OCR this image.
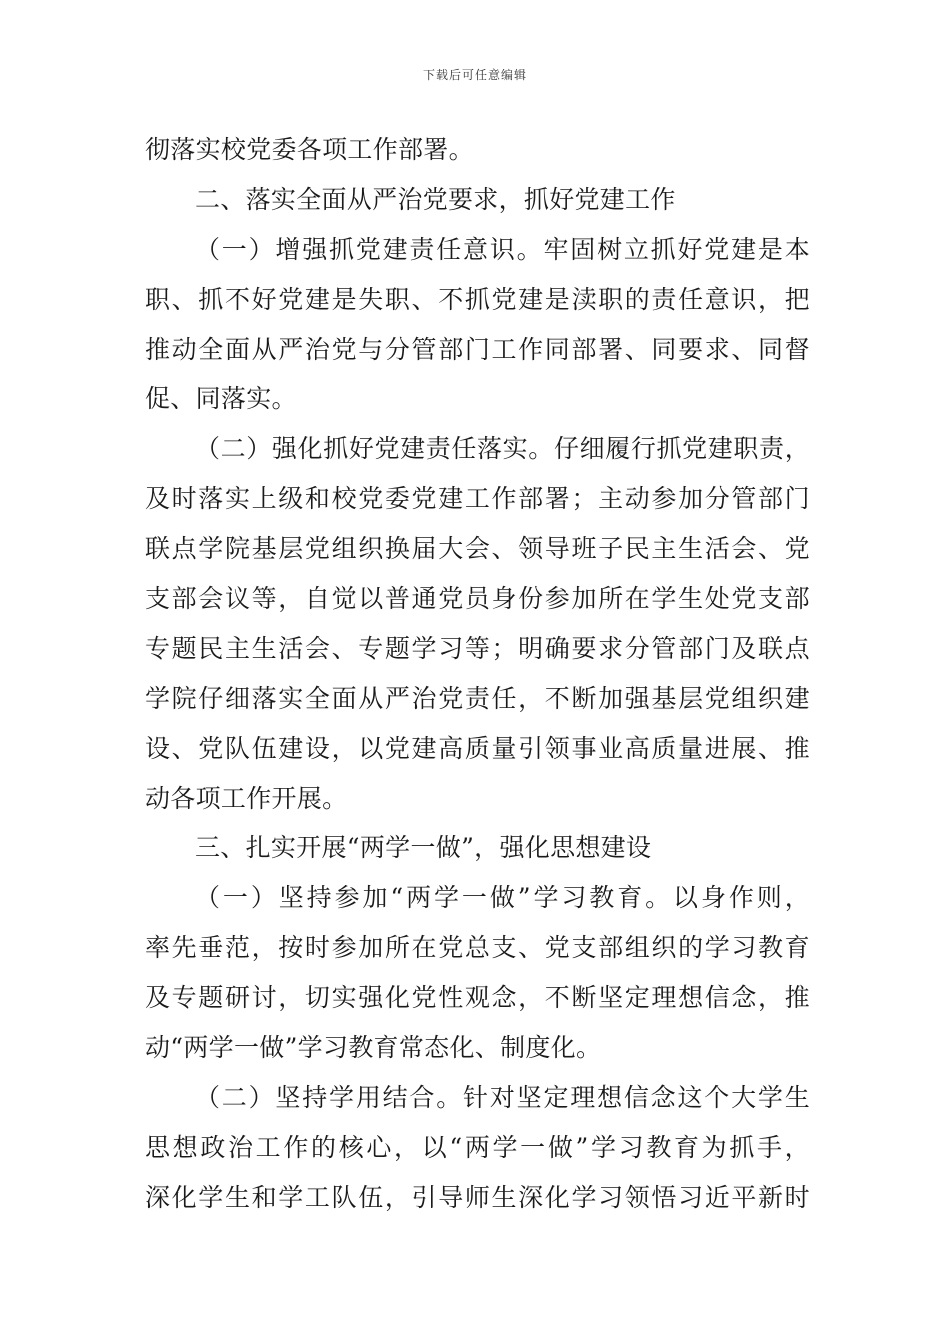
下载后可任意编辑
彻落实校党委各项工作部署。
二、落实全面从严治党要求，抓好党建工作
（一）增强抓党建责任意识。牢固树立抓好党建是本
职、抓不好党建是失职、不抓党建是渎职的责任意识，把
推动全面从严治党与分管部门工作同部署、同要求、同督
促、同落实。
（二）强化抓好党建责任落实。仔细履行抓党建职责，
及时落实上级和校党委党建工作部署；主动参加分管部门
联点学院基层党组织换届大会、领导班子民主生活会、党
支部会议等，自觉以普通党员身份参加所在学生处党支部
专题民主生活会、专题学习等；明确要求分管部门及联点
学院仔细落实全面从严治党责任，不断加强基层党组织建
设、党队伍建设，以党建高质量引领事业高质量进展、推
动各项工作开展。
三、扎实开展“两学一做”，强化思想建设
（一）坚持参加“两学一做”学习教育。以身作则，
率先垂范，按时参加所在党总支、党支部组织的学习教育
及专题研讨，切实强化党性观念，不断坚定理想信念，推
动“两学一做”学习教育常态化、制度化。
（二）坚持学用结合。针对坚定理想信念这个大学生
思想政治工作的核心，以“两学一做”学习教育为抓手，
深化学生和学工队伍，引导师生深化学习领悟习近平新时
